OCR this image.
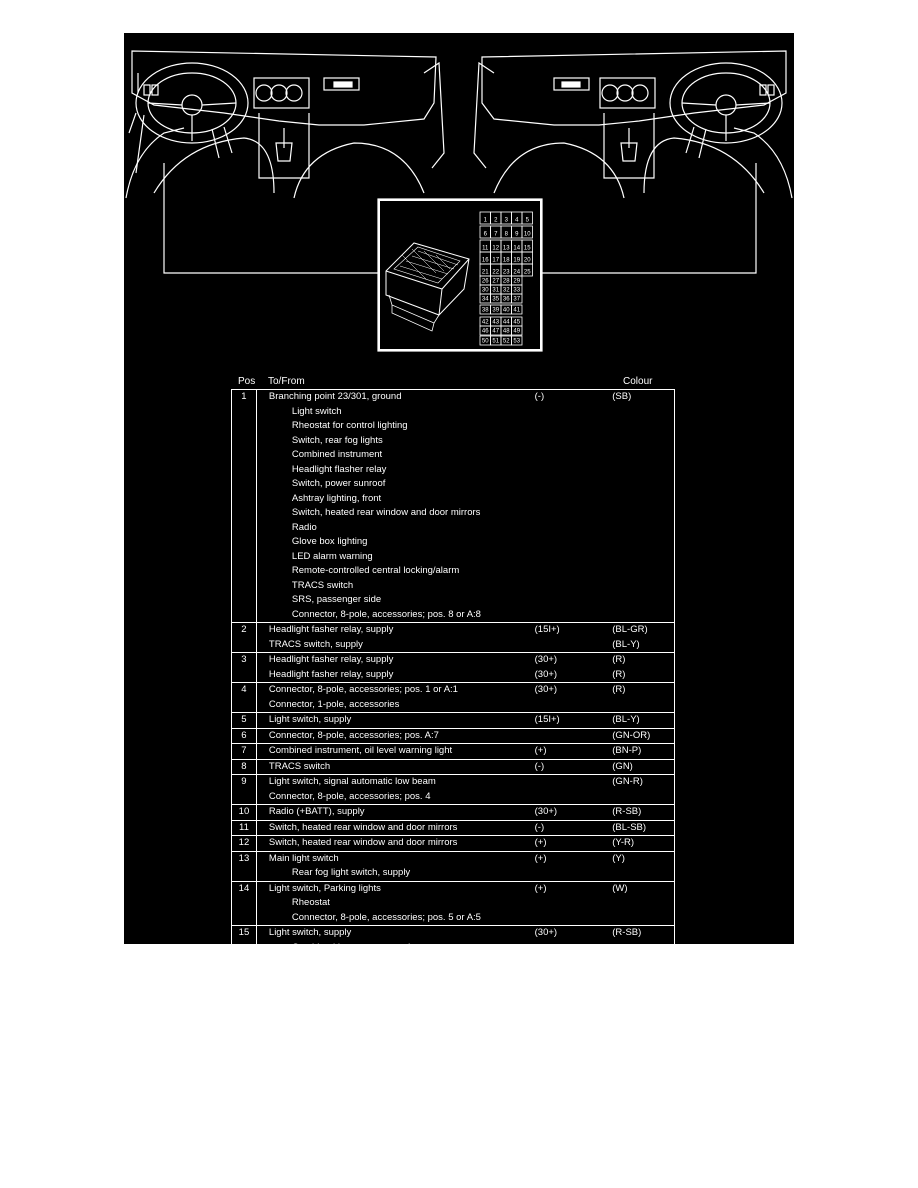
1 2 3 4 5
6 7 8 9 10
11 12 13 14 15
16 17 18 19 20
21 22 23 24 25
26 27 28 29
30 31 32 33
34 35 36 37
38 39 40 41
42 43 44 45
46 47 48 49
50 51 52 53
Pos To/From	Colour
1	Branching point 23/301, ground	(-)	(SB)

	Light switch		

	Rheostat for control lighting		

	Switch, rear fog lights		

	Combined instrument		

	Headlight flasher relay		

	Switch, power sunroof		

	Ashtray lighting, front		

	Switch, heated rear window and door mirrors		

	Radio		

	Glove box lighting		

	LED alarm warning		

	Remote-controlled central locking/alarm		

	TRACS switch		

	SRS, passenger side		

	Connector, 8-pole, accessories; pos. 8 or A:8		

2	Headlight fasher relay, supply	(15I+)	(BL-GR)
	TRACS switch, supply		(BL-Y)
3	Headlight fasher relay, supply	(30+)	(R)
	Headlight fasher relay, supply	(30+)	(R)
4	Connector, 8-pole, accessories; pos. 1 or A:1	(30+)	(R)
	Connector, 1-pole, accessories		
5	Light switch, supply	(15I+)	(BL-Y)
6	Connector, 8-pole, accessories; pos. A:7		(GN-OR)
7	Combined instrument, oil level warning light	(+)	(BN-P)
8	TRACS switch	(-)	(GN)
9	Light switch, signal automatic low beam		(GN-R)
	Connector, 8-pole, accessories; pos. 4		
10	Radio (+BATT), supply	(30+)	(R-SB)
11	Switch, heated rear window and door mirrors	(-)	(BL-SB)
12	Switch, heated rear window and door mirrors	(+)	(Y-R)
13	Main light switch	(+)	(Y)

	Rear fog light switch, supply		

14	Light switch, Parking lights	(+)	(W)

	Rheostat		

	Connector, 8-pole, accessories; pos. 5 or A:5		

15	Light switch, supply	(30+)	(R-SB)

	Combined instrument, supply		
